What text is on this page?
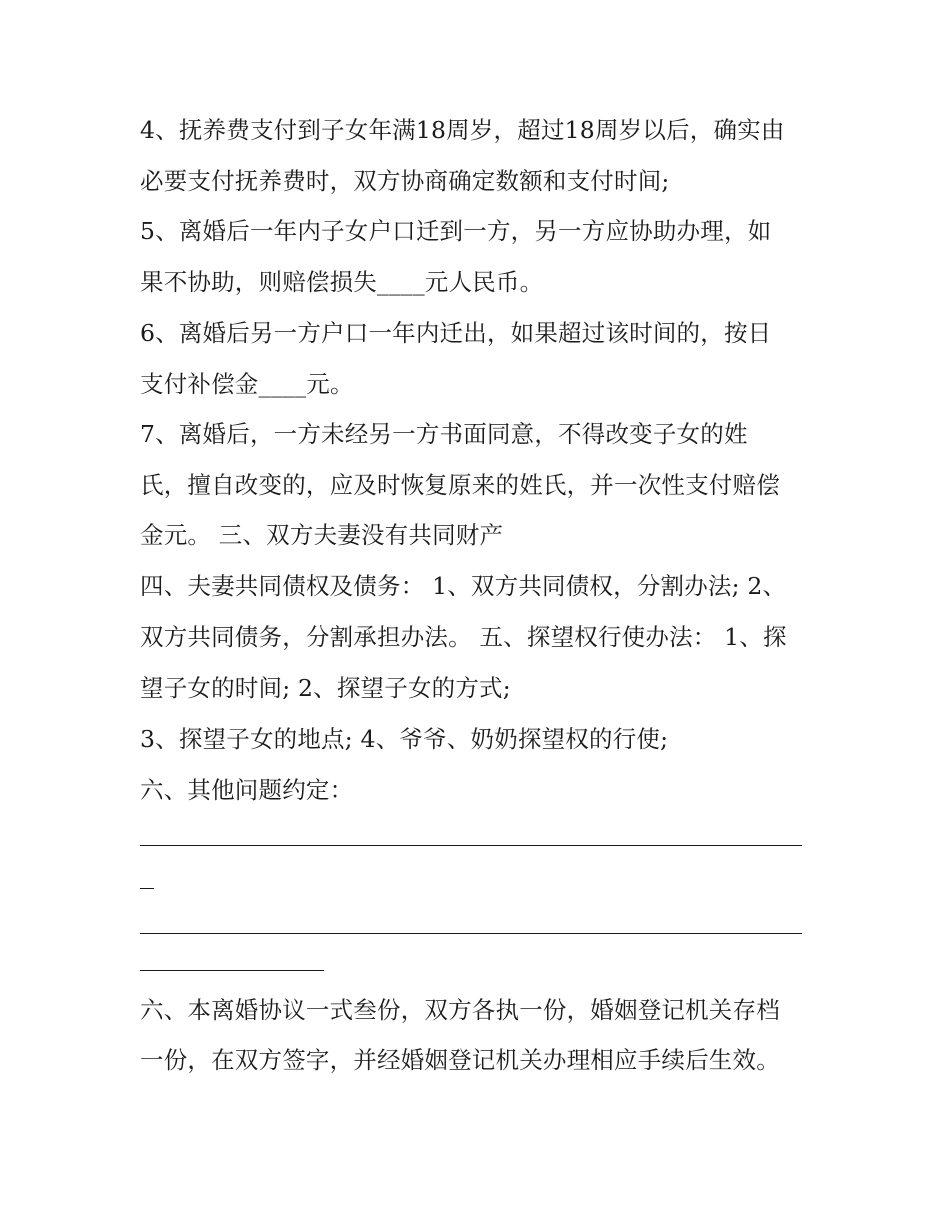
4、抚养费支付到子女年满18周岁，超过18周岁以后，确实由
必要支付抚养费时，双方协商确定数额和支付时间;
5、离婚后一年内子女户口迁到一方，另一方应协助办理，如
果不协助，则赔偿损失____元人民币。
6、离婚后另一方户口一年内迁出，如果超过该时间的，按日
支付补偿金____元。
7、离婚后，一方未经另一方书面同意，不得改变子女的姓
氏，擅自改变的，应及时恢复原来的姓氏，并一次性支付赔偿
金元。 三、双方夫妻没有共同财产
四、夫妻共同债权及债务： 1、双方共同债权，分割办法; 2、
双方共同债务，分割承担办法。 五、探望权行使办法： 1、探
望子女的时间; 2、探望子女的方式;
3、探望子女的地点; 4、爷爷、奶奶探望权的行使;
六、其他问题约定：
六、本离婚协议一式叁份，双方各执一份，婚姻登记机关存档
一份，在双方签字，并经婚姻登记机关办理相应手续后生效。
